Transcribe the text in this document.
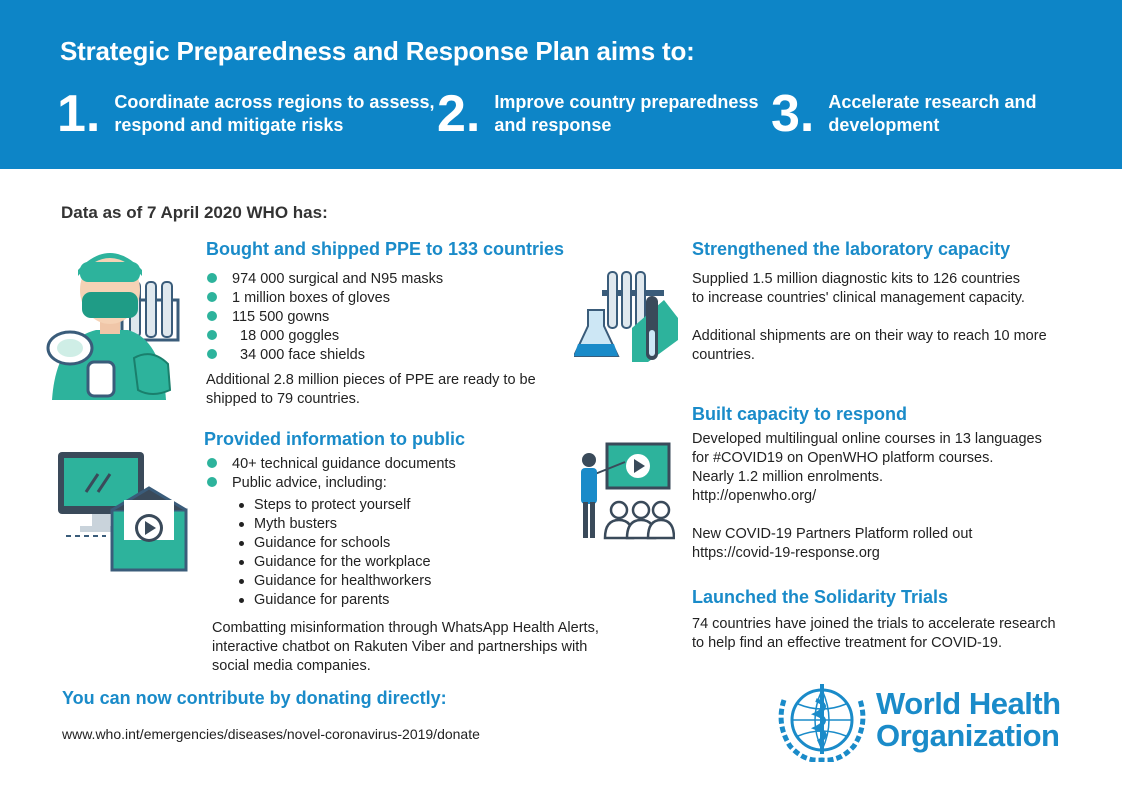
Strategic Preparedness and Response Plan aims to:
1. Coordinate across regions to assess,
respond and mitigate risks	2. Improve country preparedness
and response	3. Accelerate research and
development
Data as of 7 April 2020 WHO has:
Bought and shipped PPE to 133 countries
974 000 surgical and N95 masks
1 million boxes of gloves
115 500 gowns
18 000 goggles
34 000 face shields
Additional 2.8 million pieces of PPE are ready to be
shipped to 79 countries.
Provided information to public
40+ technical guidance documents
Public advice, including:
Steps to protect yourself
Myth busters
Guidance for schools
Guidance for the workplace
Guidance for healthworkers
Guidance for parents
Combatting misinformation through WhatsApp Health Alerts,
interactive chatbot on Rakuten Viber and partnerships with
social media companies.
Strengthened the laboratory capacity
Supplied 1.5 million diagnostic kits to 126 countries
to increase countries' clinical management capacity.
Additional shipments are on their way to reach 10 more
countries.
Built capacity to respond
Developed multilingual online courses in 13 languages
for #COVID19 on OpenWHO platform courses.
Nearly 1.2 million enrolments.
http://openwho.org/
New COVID-19 Partners Platform rolled out
https://covid-19-response.org
Launched the Solidarity Trials
74 countries have joined the trials to accelerate research
to help find an effective treatment for COVID-19.
You can now contribute by donating directly:
www.who.int/emergencies/diseases/novel-coronavirus-2019/donate
World Health
Organization
